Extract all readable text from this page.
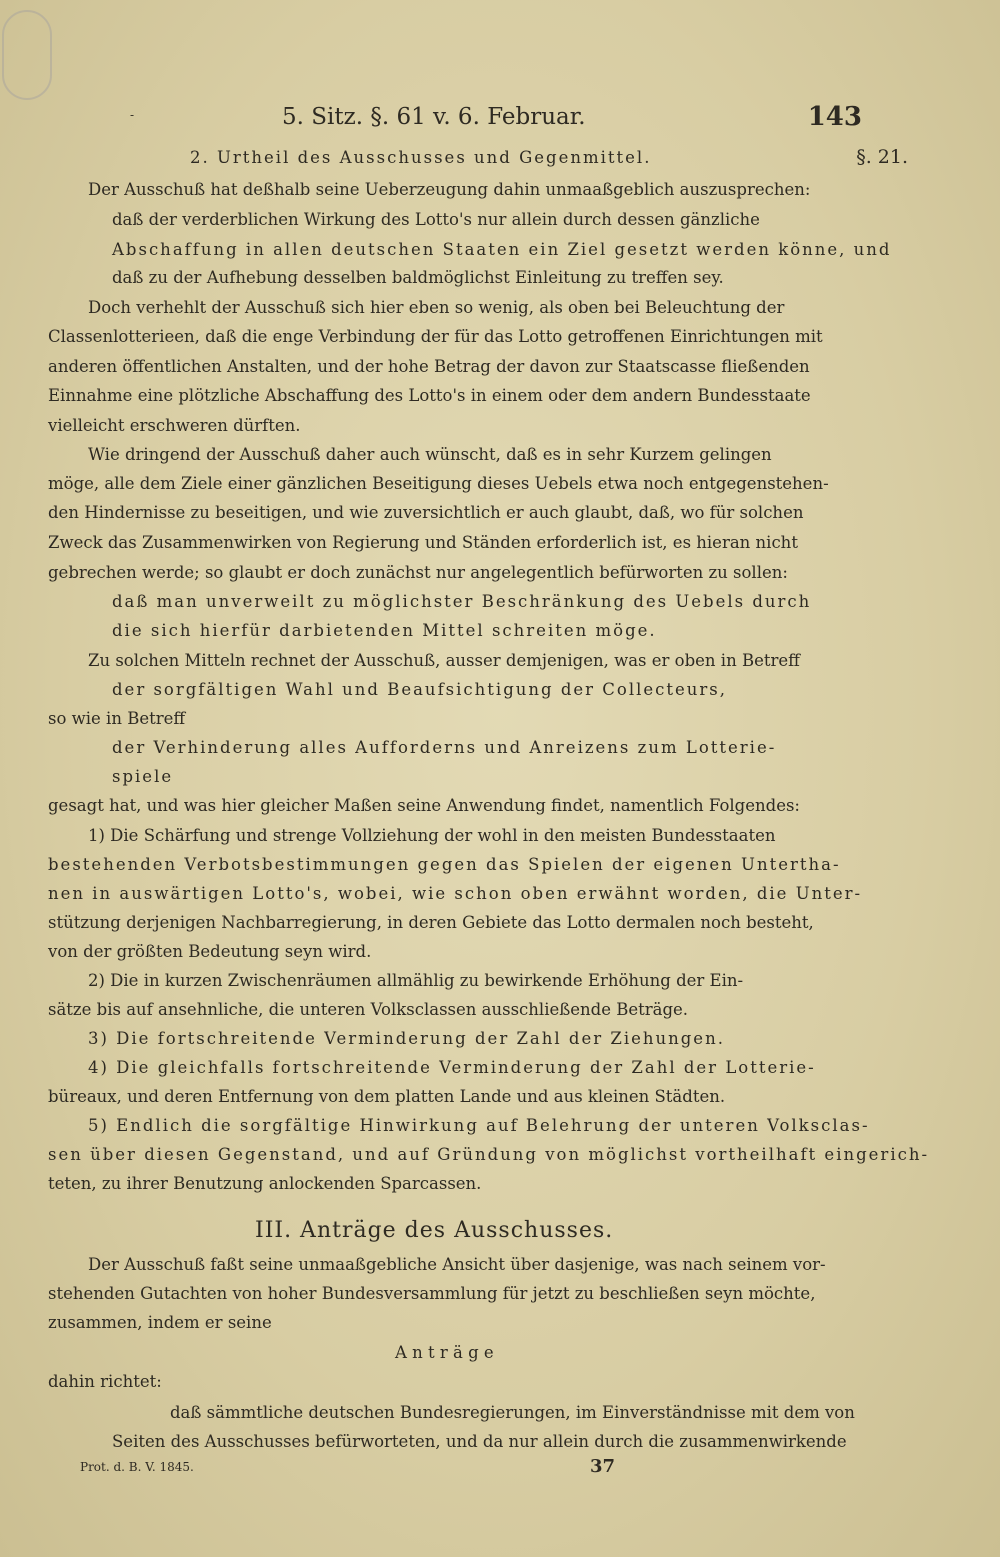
-	5. Sitz. §. 61 v. 6. Februar.	143
§. 21.
2. Urtheil des Ausschusses und Gegenmittel.
Der Ausschuß hat deßhalb seine Ueberzeugung dahin unmaaßgeblich auszusprechen:
daß der verderblichen Wirkung des Lotto's nur allein durch dessen gänzliche
Abschaffung in allen deutschen Staaten ein Ziel gesetzt werden könne, und
daß zu der Aufhebung desselben baldmöglichst Einleitung zu treffen sey.
Doch verhehlt der Ausschuß sich hier eben so wenig, als oben bei Beleuchtung der
Classenlotterieen, daß die enge Verbindung der für das Lotto getroffenen Einrichtungen mit
anderen öffentlichen Anstalten, und der hohe Betrag der davon zur Staatscasse fließenden
Einnahme eine plötzliche Abschaffung des Lotto's in einem oder dem andern Bundesstaate
vielleicht erschweren dürften.
Wie dringend der Ausschuß daher auch wünscht, daß es in sehr Kurzem gelingen
möge, alle dem Ziele einer gänzlichen Beseitigung dieses Uebels etwa noch entgegenstehen-
den Hindernisse zu beseitigen, und wie zuversichtlich er auch glaubt, daß, wo für solchen
Zweck das Zusammenwirken von Regierung und Ständen erforderlich ist, es hieran nicht
gebrechen werde; so glaubt er doch zunächst nur angelegentlich befürworten zu sollen:
daß man unverweilt zu möglichster Beschränkung des Uebels durch
die sich hierfür darbietenden Mittel schreiten möge.
Zu solchen Mitteln rechnet der Ausschuß, ausser demjenigen, was er oben in Betreff
der sorgfältigen Wahl und Beaufsichtigung der Collecteurs,
so wie in Betreff
der Verhinderung alles Aufforderns und Anreizens zum Lotterie-
spiele
gesagt hat, und was hier gleicher Maßen seine Anwendung findet, namentlich Folgendes:
1) Die Schärfung und strenge Vollziehung der wohl in den meisten Bundesstaaten
bestehenden Verbotsbestimmungen gegen das Spielen der eigenen Untertha-
nen in auswärtigen Lotto's, wobei, wie schon oben erwähnt worden, die Unter-
stützung derjenigen Nachbarregierung, in deren Gebiete das Lotto dermalen noch besteht,
von der größten Bedeutung seyn wird.
2) Die in kurzen Zwischenräumen allmählig zu bewirkende Erhöhung der Ein-
sätze bis auf ansehnliche, die unteren Volksclassen ausschließende Beträge.
3) Die fortschreitende Verminderung der Zahl der Ziehungen.
4) Die gleichfalls fortschreitende Verminderung der Zahl der Lotterie-
büreaux, und deren Entfernung von dem platten Lande und aus kleinen Städten.
5) Endlich die sorgfältige Hinwirkung auf Belehrung der unteren Volksclas-
sen über diesen Gegenstand, und auf Gründung von möglichst vortheilhaft eingerich-
teten, zu ihrer Benutzung anlockenden Sparcassen.
Der Ausschuß faßt seine unmaaßgebliche Ansicht über dasjenige, was nach seinem vor-
stehenden Gutachten von hoher Bundesversammlung für jetzt zu beschließen seyn möchte,
zusammen, indem er seine
A n t r ä g e
dahin richtet:
daß sämmtliche deutschen Bundesregierungen, im Einverständnisse mit dem von
Seiten des Ausschusses befürworteten, und da nur allein durch die zusammenwirkende
III. Anträge des Ausschusses.
Prot. d. B. V. 1845.	37
